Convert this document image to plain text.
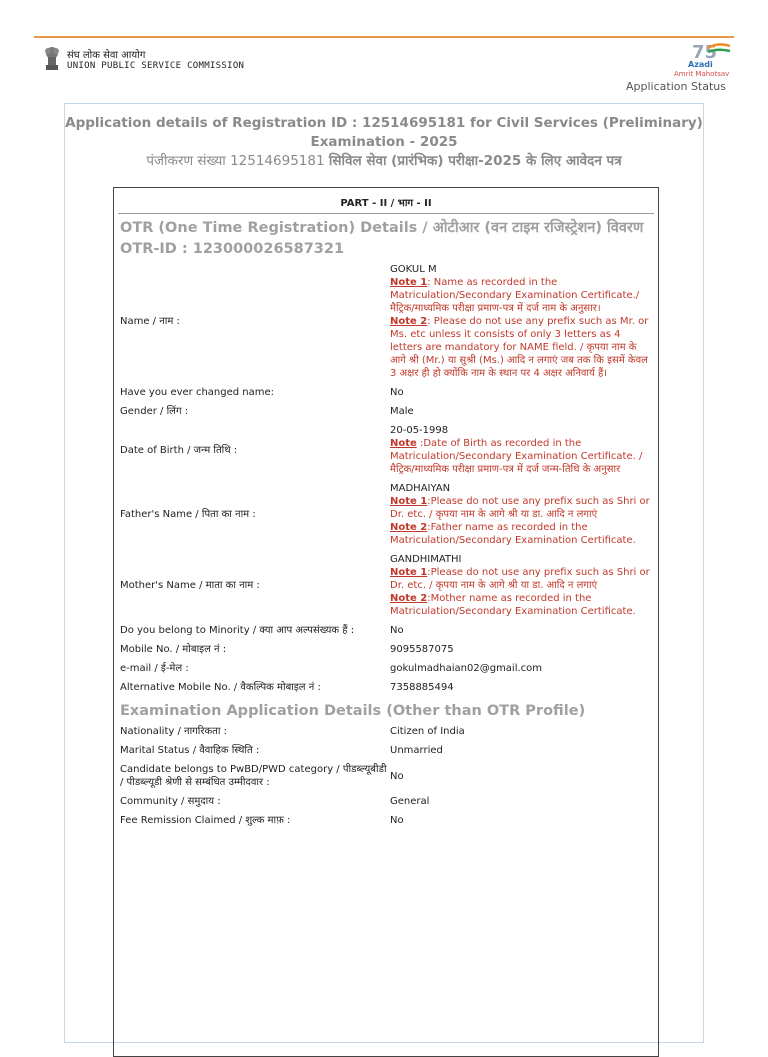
संघ लोक सेवा आयोग
UNION PUBLIC SERVICE COMMISSION
75
Azadi
Amrit Mahotsav
Application Status
Application details of Registration ID : 12514695181 for Civil Services (Preliminary)
Examination - 2025
पंजीकरण संख्या 12514695181 सिविल सेवा (प्रारंभिक) परीक्षा-2025 के लिए आवेदन पत्र
PART - II / भाग - II
OTR (One Time Registration) Details / ओटीआर (वन टाइम रजिस्ट्रेशन) विवरण
OTR-ID : 123000026587321
Name / नाम :	GOKUL M
Note 1: Name as recorded in the Matriculation/Secondary Examination Certificate./ मैट्रिक/माध्यमिक परीक्षा प्रमाण-पत्र में दर्ज नाम के अनुसार।
Note 2: Please do not use any prefix such as Mr. or Ms. etc unless it consists of only 3 letters as 4 letters are mandatory for NAME field. / कृपया नाम के आगे श्री (Mr.) या सुश्री (Ms.) आदि न लगाएं जब तक कि इसमें केवल 3 अक्षर ही हो क्योंकि नाम के स्थान पर 4 अक्षर अनिवार्य हैं।

Have you ever changed name:	No
Gender / लिंग :	Male
Date of Birth / जन्म तिथि :	20-05-1998
Note :Date of Birth as recorded in the Matriculation/Secondary Examination Certificate. / मैट्रिक/माध्यमिक परीक्षा प्रमाण-पत्र में दर्ज जन्म-तिथि के अनुसार

Father's Name / पिता का नाम :	MADHAIYAN
Note 1:Please do not use any prefix such as Shri or Dr. etc. / कृपया नाम के आगे श्री या डा. आदि न लगाएं
Note 2:Father name as recorded in the Matriculation/Secondary Examination Certificate.

Mother's Name / माता का नाम :	GANDHIMATHI
Note 1:Please do not use any prefix such as Shri or Dr. etc. / कृपया नाम के आगे श्री या डा. आदि न लगाएं
Note 2:Mother name as recorded in the Matriculation/Secondary Examination Certificate.

Do you belong to Minority / क्या आप अल्पसंख्यक हैं :	No
Mobile No. / मोबाइल नं :	9095587075
e-mail / ई-मेल :	gokulmadhaian02@gmail.com
Alternative Mobile No. / वैकल्पिक मोबाइल नं :	7358885494
Examination Application Details (Other than OTR Profile)
Nationality / नागरिकता :	Citizen of India
Marital Status / वैवाहिक स्थिति :	Unmarried
Candidate belongs to PwBD/PWD category / पीडब्ल्यूबीडी / पीडब्ल्यूडी श्रेणी से सम्बंधित उम्मीदवार :	No
Community / समुदाय :	General
Fee Remission Claimed / शुल्क माफ़ :	No
